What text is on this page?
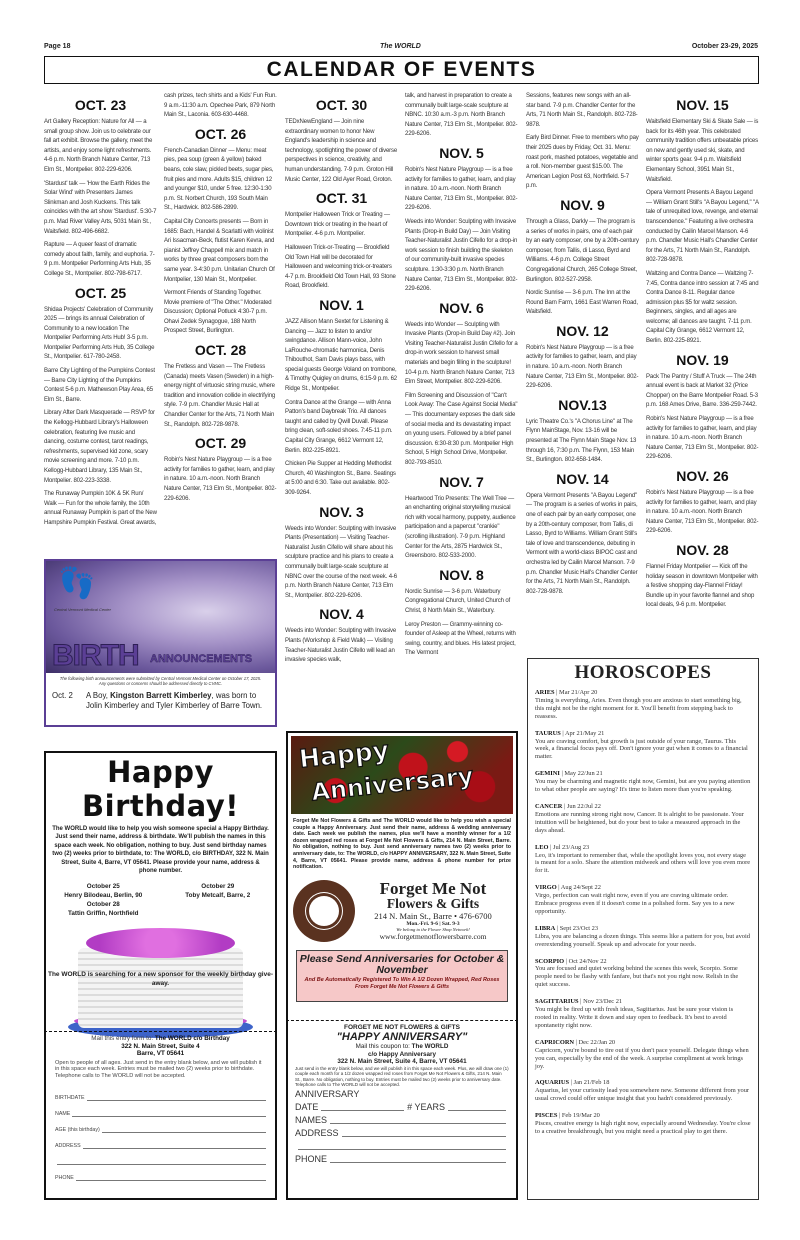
Page 18	The WORLD	October 23-29, 2025
CALENDAR OF EVENTS
OCT. 23

Art Gallery Reception: Nature for All — a small group show. Join us to celebrate our fall art exhibit. Browse the gallery, meet the artists, and enjoy some light refreshments. 4-6 p.m. North Branch Nature Center, 713 Elm St., Montpelier. 802-229-6206.

'Stardust' talk — 'How the Earth Rides the Solar Wind' with Presenters James Slinkman and Josh Kuckens. This talk coincides with the art show 'Stardust'. 5:30-7 p.m. Mad River Valley Arts, 5031 Main St., Waitsfield. 802-496-6682.

Rapture — A queer feast of dramatic comedy about faith, family, and euphoria. 7-9 p.m. Montpelier Performing Arts Hub, 35 College St., Montpelier. 802-798-6717.

OCT. 25

Shidaa Projects' Celebration of Community 2025 — brings its annual Celebration of Community to a new location The Montpelier Performing Arts Hub! 3-5 p.m. Montpelier Performing Arts Hub, 35 College St., Montpelier. 617-780-2458.

Barre City Lighting of the Pumpkins Contest — Barre City Lighting of the Pumpkins Contest 5-6 p.m. Mathewson Play Area, 65 Elm St., Barre.

Library After Dark Masquerade — RSVP for the Kellogg-Hubbard Library's Halloween celebration, featuring live music and dancing, costume contest, tarot readings, refreshments, supervised kid zone, scary movie screening and more. 7-10 p.m. Kellogg-Hubbard Library, 135 Main St., Montpelier. 802-223-3338.

The Runaway Pumpkin 10K & 5K Run/ Walk — Fun for the whole family, the 10th annual Runaway Pumpkin is part of the New Hampshire Pumpkin Festival. Great awards,

cash prizes, tech shirts and a Kids' Fun Run. 9 a.m.-11:30 a.m. Opechee Park, 879 North Main St., Laconia. 603-630-4468.

OCT. 26

French-Canadian Dinner — Menu: meat pies, pea soup (green & yellow) baked beans, cole slaw, pickled beets, sugar pies, fruit pies and more. Adults $15, children 12 and younger $10, under 5 free. 12:30-1:30 p.m. St. Norbert Church, 193 South Main St., Hardwick. 802-586-2899.

Capital City Concerts presents — Born in 1685: Bach, Handel & Scarlatti with violinist Ari Issacman-Beck, flutist Karen Kevra, and pianist Jeffrey Chappell mix and match in works by three great composers born the same year. 3-4:30 p.m. Unitarian Church Of Montpelier, 130 Main St., Montpelier.

Vermont Friends of Standing Together. Movie premiere of "The Other." Moderated Discussion; Optional Potluck 4:30-7 p.m. Ohavi Zedek Synagogue, 188 North Prospect Street, Burlington.

OCT. 28

The Fretless and Vasen — The Fretless (Canada) meets Vasen (Sweden) in a high-energy night of virtuosic string music, where tradition and innovation collide in electrifying style. 7-9 p.m. Chandler Music Hall at Chandler Center for the Arts, 71 North Main St., Randolph. 802-728-9878.

OCT. 29

Robin's Nest Nature Playgroup — is a free activity for families to gather, learn, and play in nature. 10 a.m.-noon. North Branch Nature Center, 713 Elm St., Montpelier. 802-229-6206.

OCT. 30

TEDxNewEngland — Join nine extraordinary women to honor New England's leadership in science and technology, spotlighting the power of diverse perspectives in science, creativity, and human understanding. 7-9 p.m. Groton Hill Music Center, 122 Old Ayer Road, Groton.

OCT. 31

Montpelier Halloween Trick or Treating — Downtown trick or treating in the heart of Montpelier. 4-6 p.m. Montpelier.

Halloween Trick-or-Treating — Brookfield Old Town Hall will be decorated for Halloween and welcoming trick-or-treaters 4-7 p.m. Brookfield Old Town Hall, 93 Stone Road, Brookfield.

NOV. 1

JAZZ Allison Mann Sextet for Listening & Dancing — Jazz to listen to and/or swingdance. Allison Mann-voice, John LaRouche-chromatic harmonica, Denis Thibouthot, Sam Davis plays bass, with special guests George Voland on trombone, & Timothy Quigley on drums, 6:15-9 p.m. 62 Ridge St., Montpelier.

Contra Dance at the Grange — with Anna Patton's band Daybreak Trio. All dances taught and called by Qwill Duvall. Please bring clean, soft-soled shoes. 7:45-11 p.m. Capital City Grange, 6612 Vermont 12, Berlin. 802-225-8921.

Chicken Pie Supper at Hedding Methodist Church, 40 Washington St., Barre. Seatings at 5:00 and 6:30. Take out available. 802-309-9264.

NOV. 3

Weeds into Wonder: Sculpting with Invasive Plants (Presentation) — Visiting Teacher-Naturalist Justin Cifello will share about his sculpture practice and his plans to create a communally built large-scale sculpture at NBNC over the course of the next week. 4-6 p.m. North Branch Nature Center, 713 Elm St., Montpelier. 802-229-6206.

NOV. 4

Weeds into Wonder: Sculpting with Invasive Plants (Workshop & Field Walk) — Visiting Teacher-Naturalist Justin Cifello will lead an invasive species walk,

talk, and harvest in preparation to create a communally built large-scale sculpture at NBNC. 10:30 a.m.-3 p.m. North Branch Nature Center, 713 Elm St., Montpelier. 802-229-6206.

NOV. 5

Robin's Nest Nature Playgroup — is a free activity for families to gather, learn, and play in nature. 10 a.m.-noon. North Branch Nature Center, 713 Elm St., Montpelier. 802-229-6206.

Weeds into Wonder: Sculpting with Invasive Plants (Drop-in Build Day) — Join Visiting Teacher-Naturalist Justin Cifello for a drop-in work session to finish building the skeleton of our community-built invasive species sculpture. 1:30-3:30 p.m. North Branch Nature Center, 713 Elm St., Montpelier. 802-229-6206.

NOV. 6

Weeds into Wonder — Sculpting with Invasive Plants (Drop-in Build Day #2). Join Visiting Teacher-Naturalist Justin Cifello for a drop-in work session to harvest small materials and begin filling in the sculpture! 10-4 p.m. North Branch Nature Center, 713 Elm Street, Montpelier. 802-229-6206.

Film Screening and Discussion of "Can't Look Away: The Case Against Social Media" — This documentary exposes the dark side of social media and its devastating impact on young users. Followed by a brief panel discussion. 6:30-8:30 p.m. Montpelier High School, 5 High School Drive, Montpelier. 802-793-8510.

NOV. 7

Heartwood Trio Presents: The Well Tree — an enchanting original storytelling musical rich with vocal harmony, puppetry, audience participation and a papercut "crankie" (scrolling illustration). 7-9 p.m. Highland Center for the Arts, 2875 Hardwick St., Greensboro. 802-533-2000.

NOV. 8

Nordic Sunrise — 3-6 p.m. Waterbury Congregational Church, United Church of Christ, 8 North Main St., Waterbury.

Leroy Preston — Grammy-winning co-founder of Asleep at the Wheel, returns with swing, country, and blues. His latest project, The Vermont

Sessions, features new songs with an all-star band. 7-9 p.m. Chandler Center for the Arts, 71 North Main St., Randolph. 802-728-9878.

Early Bird Dinner. Free to members who pay their 2025 dues by Friday, Oct. 31. Menu: roast pork, mashed potatoes, vegetable and a roll. Non-member guest $15.00. The American Legion Post 63, Northfield. 5-7 p.m.

NOV. 9

Through a Glass, Darkly — The program is a series of works in pairs, one of each pair by an early composer, one by a 20th-century composer, from Tallis, di Lasso, Byrd and Williams. 4-6 p.m. College Street Congregational Church, 265 College Street, Burlington. 802-527-2958.

Nordic Sunrise — 3-6 p.m. The Inn at the Round Barn Farm, 1661 East Warren Road, Waitsfield.

NOV. 12

Robin's Nest Nature Playgroup — is a free activity for families to gather, learn, and play in nature. 10 a.m.-noon. North Branch Nature Center, 713 Elm St., Montpelier. 802-229-6206.

NOV.13

Lyric Theatre Co.'s "A Chorus Line" at The Flynn MainStage, Nov. 13-16 will be presented at The Flynn Main Stage Nov. 13 through 16, 7:30 p.m. The Flynn, 153 Main St., Burlington. 802-658-1484.

NOV. 14

Opera Vermont Presents "A Bayou Legend" — The program is a series of works in pairs, one of each pair by an early composer, one by a 20th-century composer, from Tallis, di Lasso, Byrd to Williams. William Grant Still's tale of love and transcendence, debuting in Vermont with a world-class BIPOC cast and orchestra led by Cailin Marcel Manson. 7-9 p.m. Chandler Music Hall's Chandler Center for the Arts, 71 North Main St., Randolph. 802-728-9878.

NOV. 15

Waitsfield Elementary Ski & Skate Sale — is back for its 46th year. This celebrated community tradition offers unbeatable prices on new and gently used ski, skate, and winter sports gear. 9-4 p.m. Waitsfield Elementary School, 3951 Main St., Waitsfield.

Opera Vermont Presents A Bayou Legend — William Grant Still's "A Bayou Legend," "A tale of unrequited love, revenge, and eternal transcendence." Featuring a live orchestra conducted by Cailin Marcel Manson. 4-6 p.m. Chandler Music Hall's Chandler Center for the Arts, 71 North Main St., Randolph. 802-728-9878.

Waltzing and Contra Dance — Waltzing 7-7:45, Contra dance intro session at 7:45 and Contra Dance 8-11. Regular dance admission plus $5 for waltz session. Beginners, singles, and all ages are welcome; all dances are taught. 7-11 p.m. Capital City Grange, 6612 Vermont 12, Berlin. 802-225-8921.

NOV. 19

Pack The Pantry / Stuff A Truck — The 24th annual event is back at Market 32 (Price Chopper) on the Barre Montpelier Road. 5-3 p.m. 168 Ames Drive, Barre. 336-259-7442.

Robin's Nest Nature Playgroup — is a free activity for families to gather, learn, and play in nature. 10 a.m.-noon. North Branch Nature Center, 713 Elm St., Montpelier. 802-229-6206.

NOV. 26

Robin's Nest Nature Playgroup — is a free activity for families to gather, learn, and play in nature. 10 a.m.-noon. North Branch Nature Center, 713 Elm St., Montpelier. 802-229-6206.

NOV. 28

Flannel Friday Montpelier — Kick off the holiday season in downtown Montpelier with a festive shopping day-Flannel Friday! Bundle up in your favorite flannel and shop local deals, 9-6 p.m. Montpelier.

👣
Central Vermont Medical Center
BIRTH ANNOUNCEMENTS
The following birth announcements were submitted by Central Vermont Medical Center on October 17, 2025. Any questions or concerns should be addressed directly to CVMC.
Oct. 2	A Boy, Kingston Barrett Kimberley, was born to Jolin Kimberley and Tyler Kimberley of Barre Town.
Happy Birthday!
The WORLD would like to help you wish someone special a Happy Birthday. Just send their name, address & birthdate. We'll publish the names in this space each week. No obligation, nothing to buy. Just send birthday names two (2) weeks prior to birthdate, to: The WORLD, c/o BIRTHDAY, 322 N. Main Street, Suite 4, Barre, VT 05641. Please provide your name, address & phone number.
October 25
Henry Bilodeau, Berlin, 90
October 28
Tattin Griffin, Northfield
October 29
Toby Metcalf, Barre, 2
The WORLD is searching for a new sponsor for the weekly birthday give-away.
Mail this entry form to: The WORLD c/o Birthday
322 N. Main Street, Suite 4
Barre, VT 05641
Open to people of all ages. Just send in the entry blank below, and we will publish it in this space each week. Entries must be mailed two (2) weeks prior to birthdate. Telephone calls to The WORLD will not be accepted.
BIRTHDATE
NAME
AGE (this birthday)
ADDRESS
PHONE
Happy
Anniversary
Forget Me Not Flowers & Gifts and The WORLD would like to help you wish a special couple a Happy Anniversary. Just send their name, address & wedding anniversary date. Each week we publish the names, plus we'll have a monthly winner for a 1/2 dozen wrapped red roses at Forget Me Not Flowers & Gifts, 214 N. Main Street, Barre. No obligation, nothing to buy. Just send anniversary names two (2) weeks prior to anniversary date, to: The WORLD, c/o HAPPY ANNIVERSARY, 322 N. Main Street, Suite 4, Barre, VT 05641. Please provide name, address & phone number for prize notification.
Forget Me Not
Flowers & Gifts
214 N. Main St., Barre • 476-6700
Mon.-Fri. 9-6 | Sat. 9-3
We belong to the Flower Shop Network!
www.forgetmenotflowersbarre.com
Please Send Anniversaries for October & November
And Be Automatically Registered To Win A 1/2 Dozen Wrapped, Red Roses From Forget Me Not Flowers & Gifts
FORGET ME NOT FLOWERS & GIFTS
"HAPPY ANNIVERSARY"
Mail this coupon to: The WORLD
c/o Happy Anniversary
322 N. Main Street, Suite 4, Barre, VT 05641
Just send in the entry blank below, and we will publish it in this space each week. Plus, we will draw one (1) couple each month for a 1/2 dozen wrapped red roses from Forget Me Not Flowers & Gifts, 214 N. Main St., Barre. No obligation, nothing to buy. Entries must be mailed two (2) weeks prior to anniversary date. Telephone calls to The WORLD will not be accepted.
ANNIVERSARY
DATE	# YEARS
NAMES
ADDRESS
PHONE
HOROSCOPES
ARIES | Mar 21/Apr 20
Timing is everything, Aries. Even though you are anxious to start something big, this might not be the right moment for it. You'll benefit from stepping back to reassess.
TAURUS | Apr 21/May 21
You are craving comfort, but growth is just outside of your range, Taurus. This week, a financial focus pays off. Don't ignore your gut when it comes to a financial matter.
GEMINI | May 22/Jun 21
You may be charming and magnetic right now, Gemini, but are you paying attention to what other people are saying? It's time to listen more than you're speaking.
CANCER | Jun 22/Jul 22
Emotions are running strong right now, Cancer. It is alright to be passionate. Your intuition will be heightened, but do your best to take a measured approach in the days ahead.
LEO | Jul 23/Aug 23
Leo, it's important to remember that, while the spotlight loves you, not every stage is meant for a solo. Share the attention midweek and others will love you even more for it.
VIRGO | Aug 24/Sept 22
Virgo, perfection can wait right now, even if you are craving ultimate order. Embrace progress even if it doesn't come in a polished form. Say yes to a new opportunity.
LIBRA | Sept 23/Oct 23
Libra, you are balancing a dozen things. This seems like a pattern for you, but avoid overextending yourself. Speak up and advocate for your needs.
SCORPIO | Oct 24/Nov 22
You are focused and quiet working behind the scenes this week, Scorpio. Some people need to be flashy with fanfare, but that's not you right now. Relish in the quiet success.
SAGITTARIUS | Nov 23/Dec 21
You might be fired up with fresh ideas, Sagittarius. Just be sure your vision is rooted in reality. Write it down and stay open to feedback. It's best to avoid spontaneity right now.
CAPRICORN | Dec 22/Jan 20
Capricorn, you're bound to tire out if you don't pace yourself. Delegate things when you can, especially by the end of the week. A surprise compliment at work brings joy.
AQUARIUS | Jan 21/Feb 18
Aquarius, let your curiosity lead you somewhere new. Someone different from your usual crowd could offer unique insight that you hadn't considered previously.
PISCES | Feb 19/Mar 20
Pisces, creative energy is high right now, especially around Wednesday. You're close to a creative breakthrough, but you might need a practical play to get there.
